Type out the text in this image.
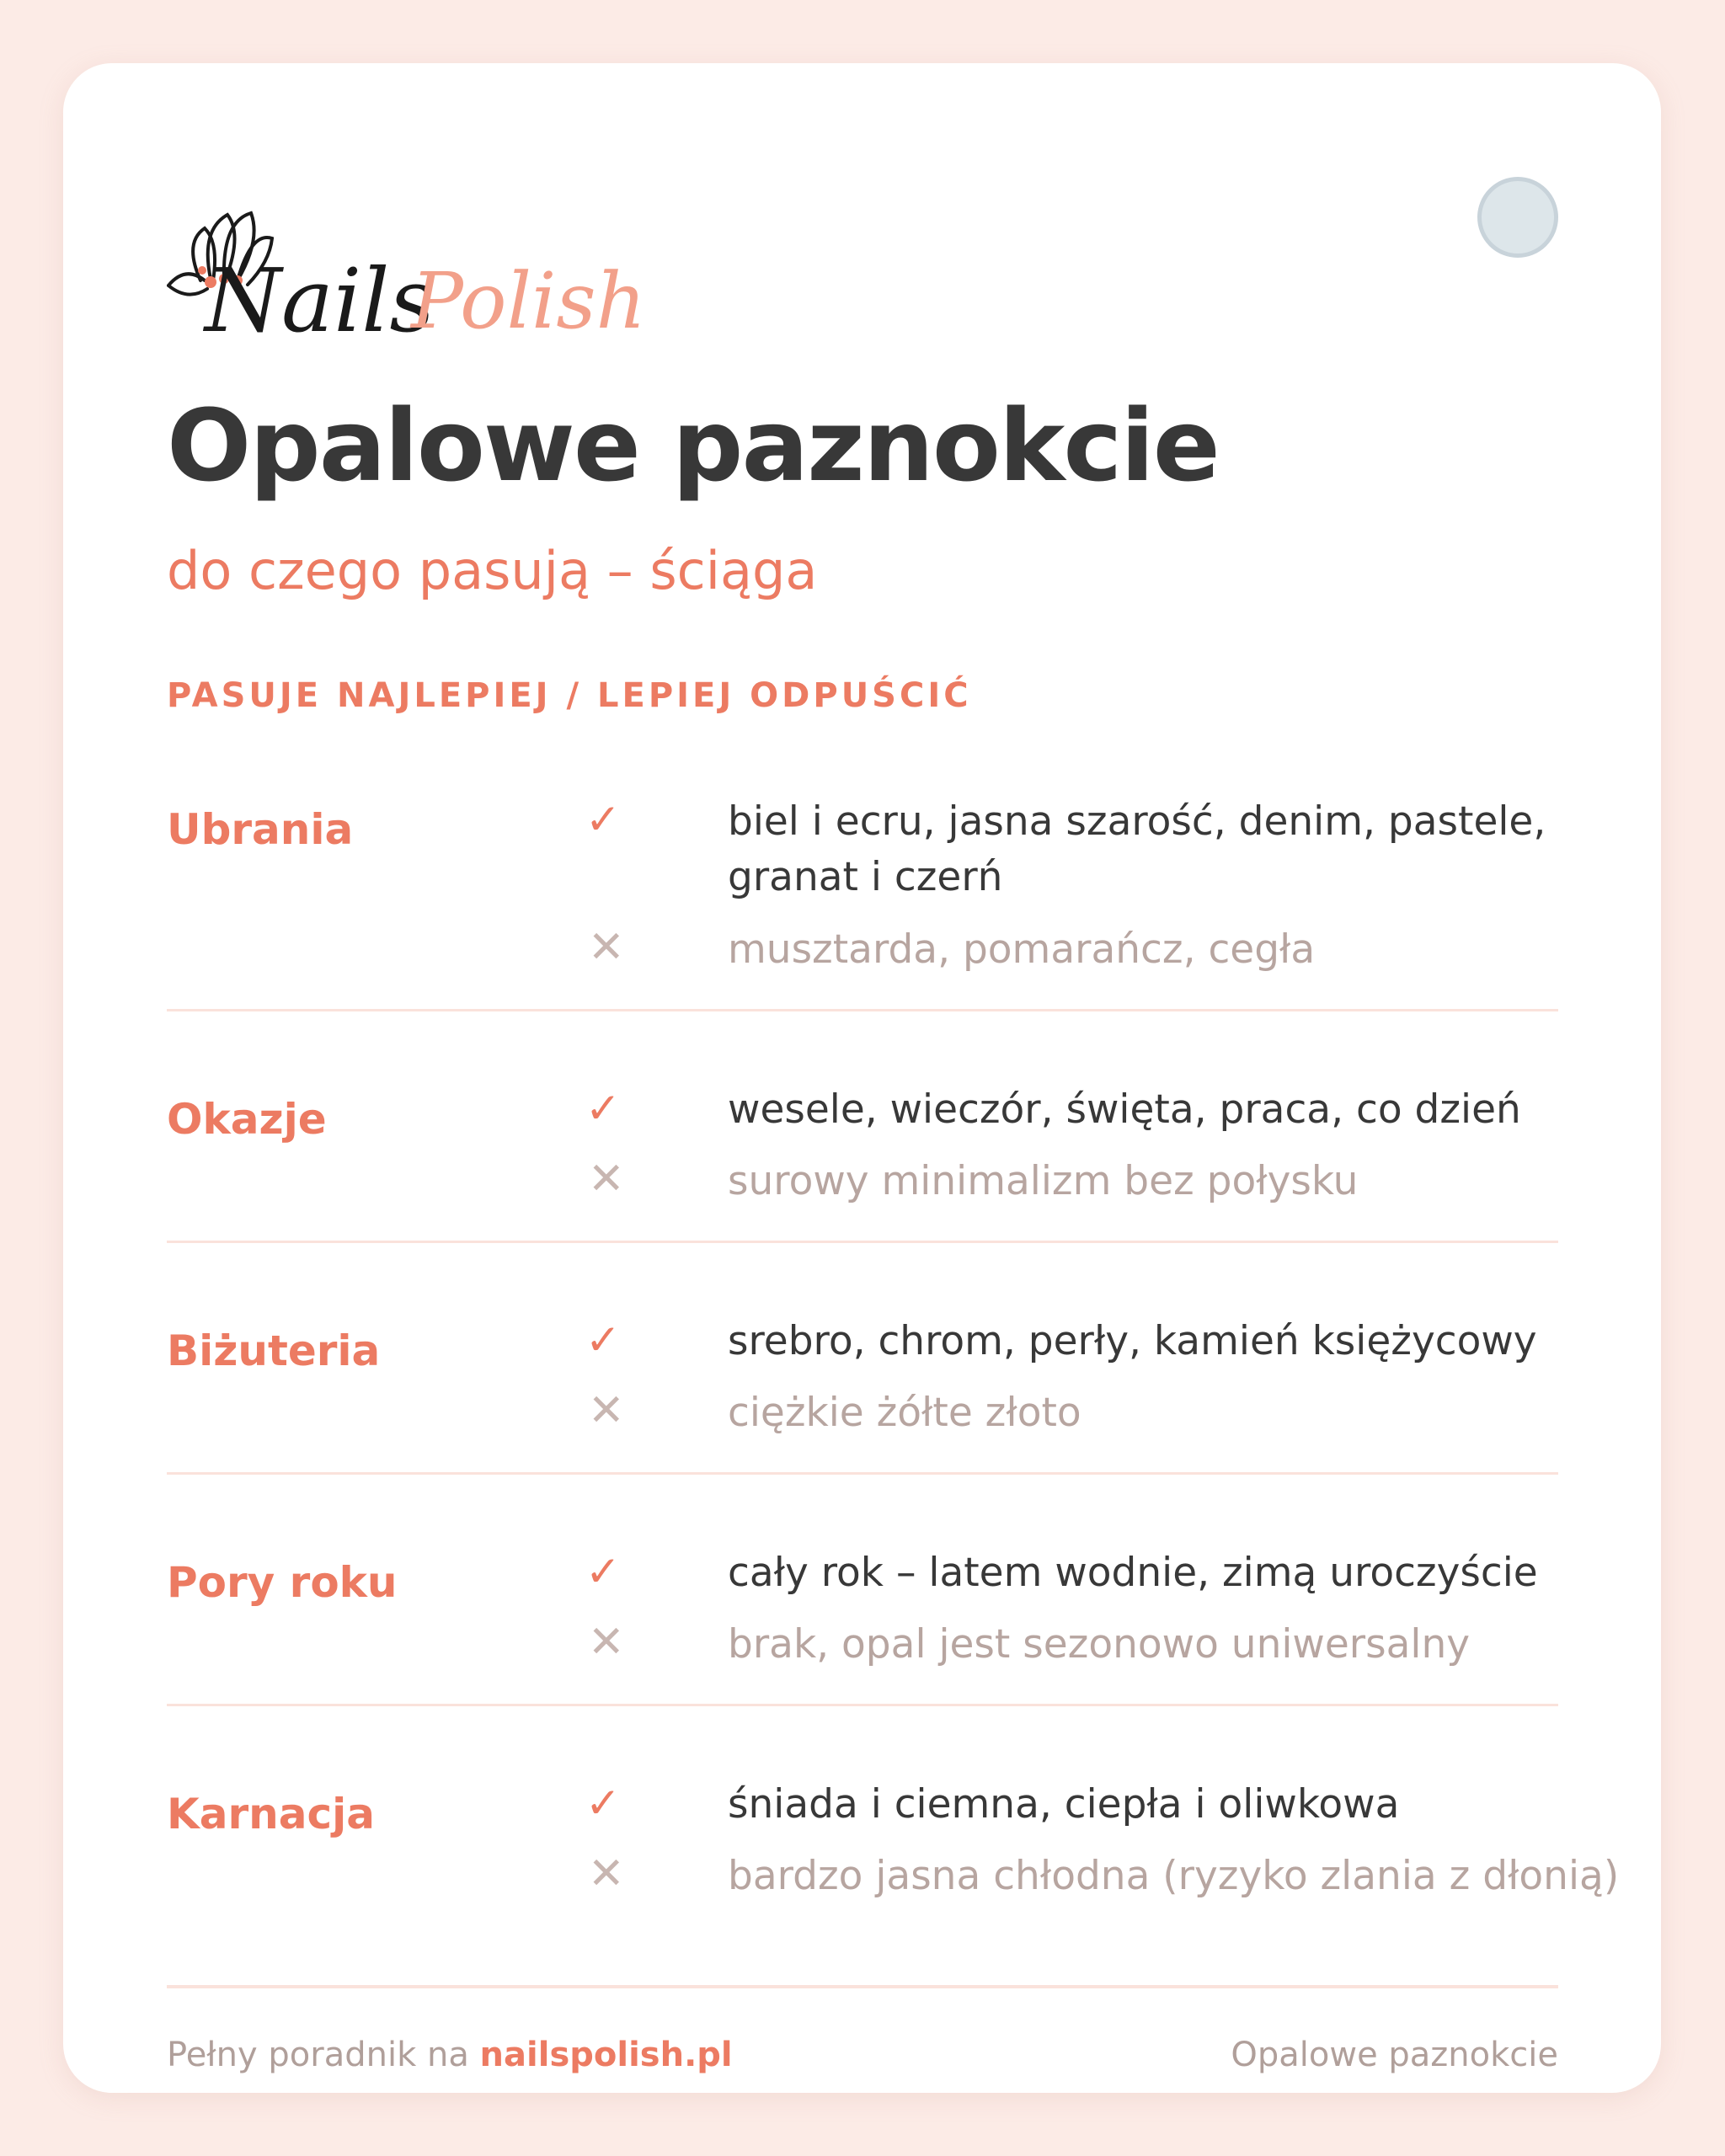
Nails
Polish
Opalowe paznokcie
do czego pasują – ściąga
PASUJE NAJLEPIEJ / LEPIEJ ODPUŚCIĆ
Ubrania	✓	biel i ecru, jasna szarość, denim, pastele,
granat i czerń
✕	musztarda, pomarańcz, cegła
Okazje	✓	wesele, wieczór, święta, praca, co dzień
✕	surowy minimalizm bez połysku
Biżuteria	✓	srebro, chrom, perły, kamień księżycowy
✕	ciężkie żółte złoto
Pory roku	✓	cały rok – latem wodnie, zimą uroczyście
✕	brak, opal jest sezonowo uniwersalny
Karnacja	✓	śniada i ciemna, ciepła i oliwkowa
✕	bardzo jasna chłodna (ryzyko zlania z dłonią)
Pełny poradnik na nailspolish.pl	Opalowe paznokcie
